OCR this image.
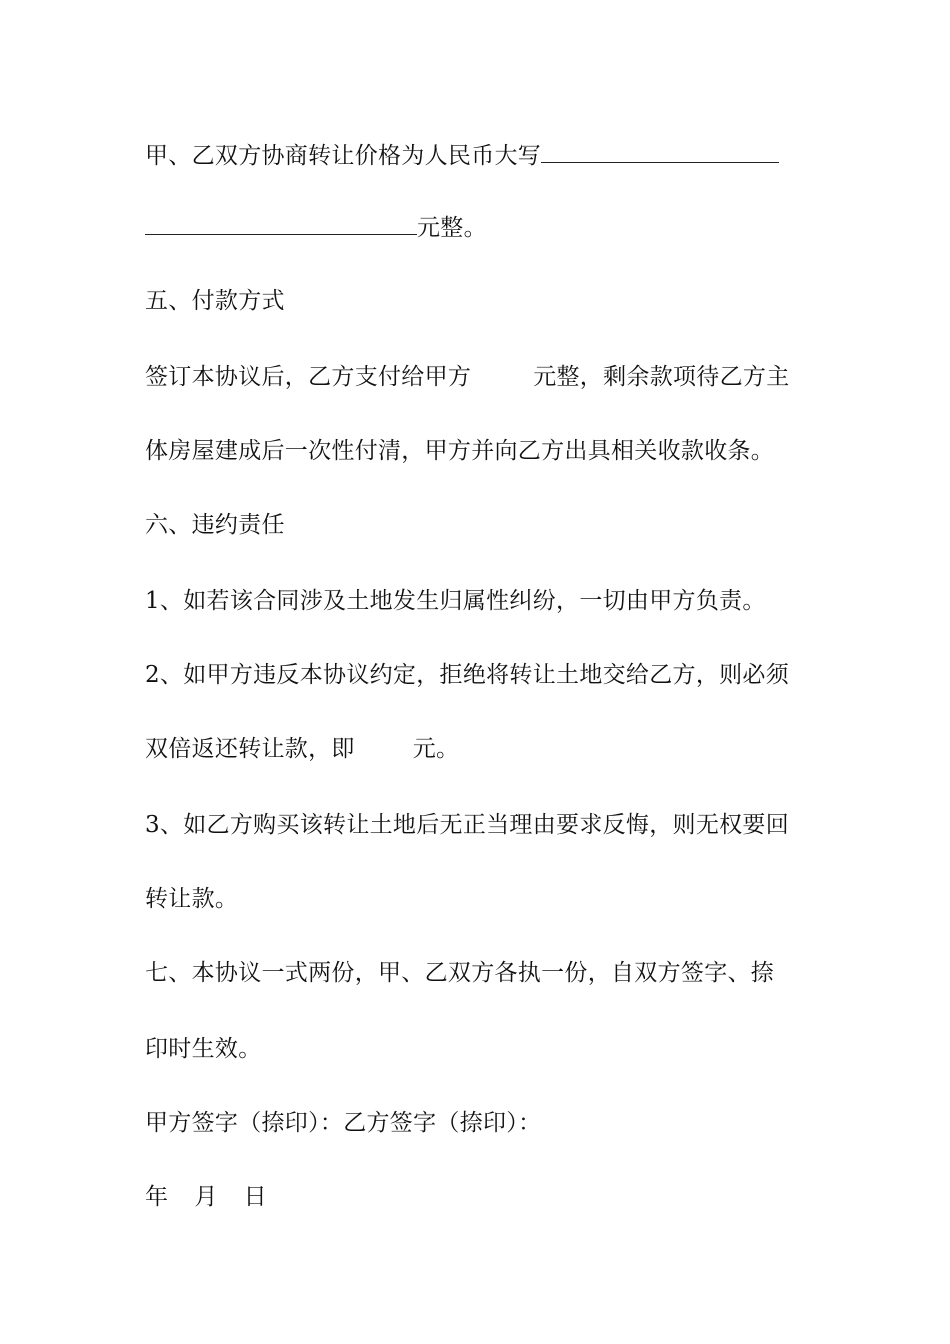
甲、乙双方协商转让价格为人民币大写
元整。
五、付款方式
签订本协议后，乙方支付给甲方	元整，剩余款项待乙方主
体房屋建成后一次性付清，甲方并向乙方出具相关收款收条。
六、违约责任
1、如若该合同涉及土地发生归属性纠纷，一切由甲方负责。
2、如甲方违反本协议约定，拒绝将转让土地交给乙方，则必须
双倍返还转让款，即	元。
3、如乙方购买该转让土地后无正当理由要求反悔，则无权要回
转让款。
七、本协议一式两份，甲、乙双方各执一份，自双方签字、捺
印时生效。
甲方签字（捺印）：乙方签字（捺印）：
年 月 日
